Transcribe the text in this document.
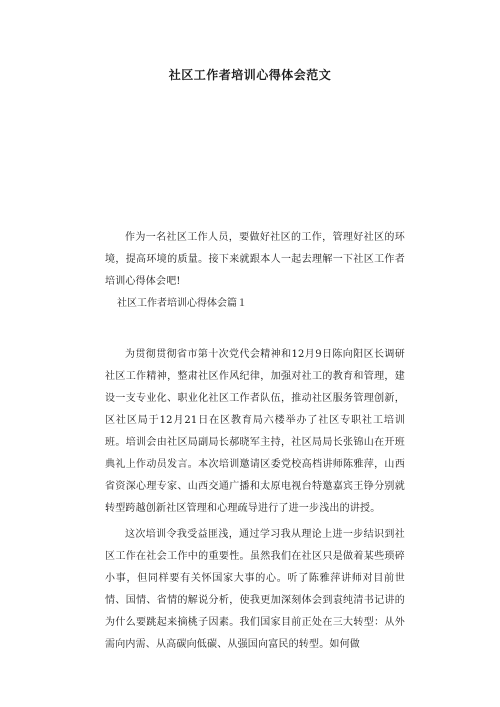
社区工作者培训心得体会范文

作为一名社区工作人员，要做好社区的工作，管理好社区的环境，提高环境的质量。接下来就跟本人一起去理解一下社区工作者培训心得体会吧!

社区工作者培训心得体会篇１

为贯彻贯彻省市第十次党代会精神和12月9日陈向阳区长调研社区工作精神，整肃社区作风纪律，加强对社工的教育和管理，建设一支专业化、职业化社区工作者队伍，推动社区服务管理创新，区社区局于12月21日在区教育局六楼举办了社区专职社工培训班。培训会由社区局副局长郝晓军主持，社区局局长张锦山在开班典礼上作动员发言。本次培训邀请区委党校高档讲师陈雅萍，山西省资深心理专家、山西交通广播和太原电视台特邀嘉宾王铮分别就转型跨越创新社区管理和心理疏导进行了进一步浅出的讲授。

这次培训令我受益匪浅，通过学习我从理论上进一步结识到社区工作在社会工作中的重要性。虽然我们在社区只是做着某些琐碎小事，但同样要有关怀国家大事的心。听了陈雅萍讲师对目前世情、国情、省情的解说分析，使我更加深刻体会到袁纯清书记讲的为什么要跳起来摘桃子因素。我们国家目前正处在三大转型：从外需向内需、从高碳向低碳、从强国向富民的转型。如何做
